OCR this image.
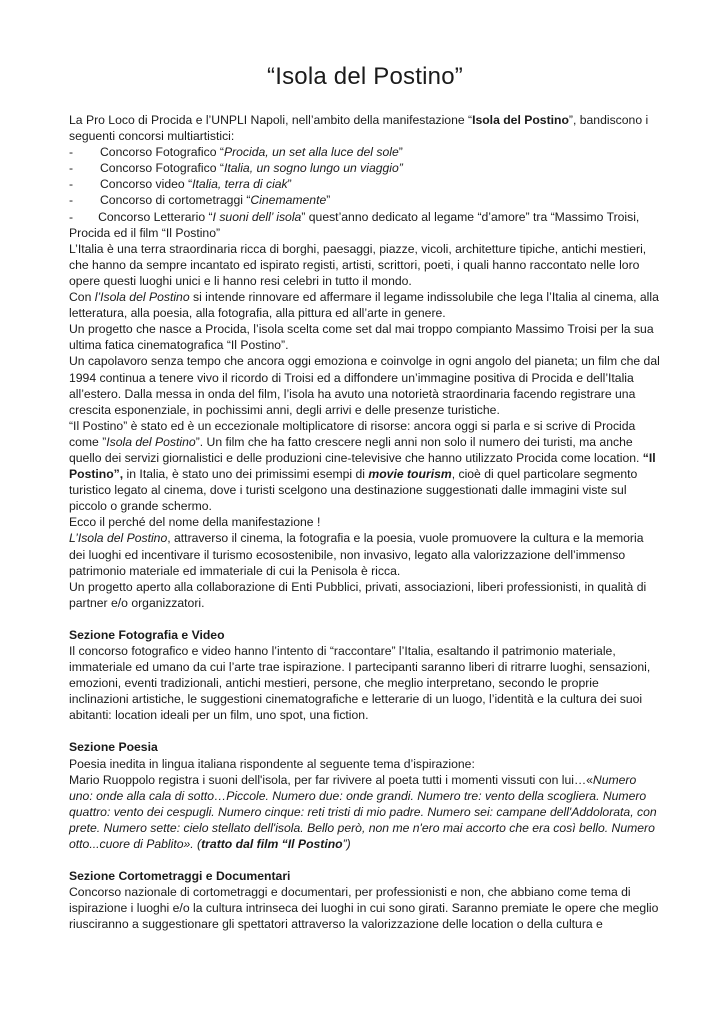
“Isola del Postino”

La Pro Loco di Procida e l’UNPLI Napoli, nell’ambito della manifestazione “Isola del Postino”, bandiscono i seguenti concorsi multiartistici:

- Concorso Fotografico “Procida, un set alla luce del sole”
- Concorso Fotografico “Italia, un sogno lungo un viaggio”
- Concorso video “Italia, terra di ciak”
- Concorso di cortometraggi “Cinemamente”
- Concorso Letterario “I suoni dell’ isola” quest’anno dedicato al legame “d’amore” tra “Massimo Troisi, Procida ed il film “Il Postino”

L’Italia è una terra straordinaria ricca di borghi, paesaggi, piazze, vicoli, architetture tipiche, antichi mestieri, che hanno da sempre incantato ed ispirato registi, artisti, scrittori, poeti, i quali hanno raccontato nelle loro opere questi luoghi unici e li hanno resi celebri in tutto il mondo.

Con l’Isola del Postino si intende rinnovare ed affermare il legame indissolubile che lega l’Italia al cinema, alla letteratura, alla poesia, alla fotografia, alla pittura ed all’arte in genere.

Un progetto che nasce a Procida, l’isola scelta come set dal mai troppo compianto Massimo Troisi per la sua ultima fatica cinematografica “Il Postino”.

Un capolavoro senza tempo che ancora oggi emoziona e coinvolge in ogni angolo del pianeta; un film che dal 1994 continua a tenere vivo il ricordo di Troisi ed a diffondere un’immagine positiva di Procida e dell’Italia all’estero. Dalla messa in onda del film, l’isola ha avuto una notorietà straordinaria facendo registrare una crescita esponenziale, in pochissimi anni, degli arrivi e delle presenze turistiche.

“Il Postino” è stato ed è un eccezionale moltiplicatore di risorse: ancora oggi si parla e si scrive di Procida come ”Isola del Postino”. Un film che ha fatto crescere negli anni non solo il numero dei turisti, ma anche quello dei servizi giornalistici e delle produzioni cine-televisive che hanno utilizzato Procida come location. “Il Postino”, in Italia, è stato uno dei primissimi esempi di movie tourism, cioè di quel particolare segmento turistico legato al cinema, dove i turisti scelgono una destinazione suggestionati dalle immagini viste sul piccolo o grande schermo.

Ecco il perché del nome della manifestazione !

L’Isola del Postino, attraverso il cinema, la fotografia e la poesia, vuole promuovere la cultura e la memoria dei luoghi ed incentivare il turismo ecosostenibile, non invasivo, legato alla valorizzazione dell’immenso patrimonio materiale ed immateriale di cui la Penisola è ricca.

Un progetto aperto alla collaborazione di Enti Pubblici, privati, associazioni, liberi professionisti, in qualità di partner e/o organizzatori.

Sezione Fotografia e Video

Il concorso fotografico e video hanno l’intento di “raccontare” l’Italia, esaltando il patrimonio materiale, immateriale ed umano da cui l’arte trae ispirazione. I partecipanti saranno liberi di ritrarre luoghi, sensazioni, emozioni, eventi tradizionali, antichi mestieri, persone, che meglio interpretano, secondo le proprie inclinazioni artistiche, le suggestioni cinematografiche e letterarie di un luogo, l’identità e la cultura dei suoi abitanti: location ideali per un film, uno spot, una fiction.

Sezione Poesia

Poesia inedita in lingua italiana rispondente al seguente tema d’ispirazione:

Mario Ruoppolo registra i suoni dell'isola, per far rivivere al poeta tutti i momenti vissuti con lui…«Numero uno: onde alla cala di sotto…Piccole. Numero due: onde grandi. Numero tre: vento della scogliera. Numero quattro: vento dei cespugli. Numero cinque: reti tristi di mio padre. Numero sei: campane dell'Addolorata, con prete. Numero sette: cielo stellato dell'isola. Bello però, non me n'ero mai accorto che era così bello. Numero otto...cuore di Pablito». (tratto dal film “Il Postino”)

Sezione Cortometraggi e Documentari

Concorso nazionale di cortometraggi e documentari, per professionisti e non, che abbiano come tema di ispirazione i luoghi e/o la cultura intrinseca dei luoghi in cui sono girati. Saranno premiate le opere che meglio riusciranno a suggestionare gli spettatori attraverso la valorizzazione delle location o della cultura e
